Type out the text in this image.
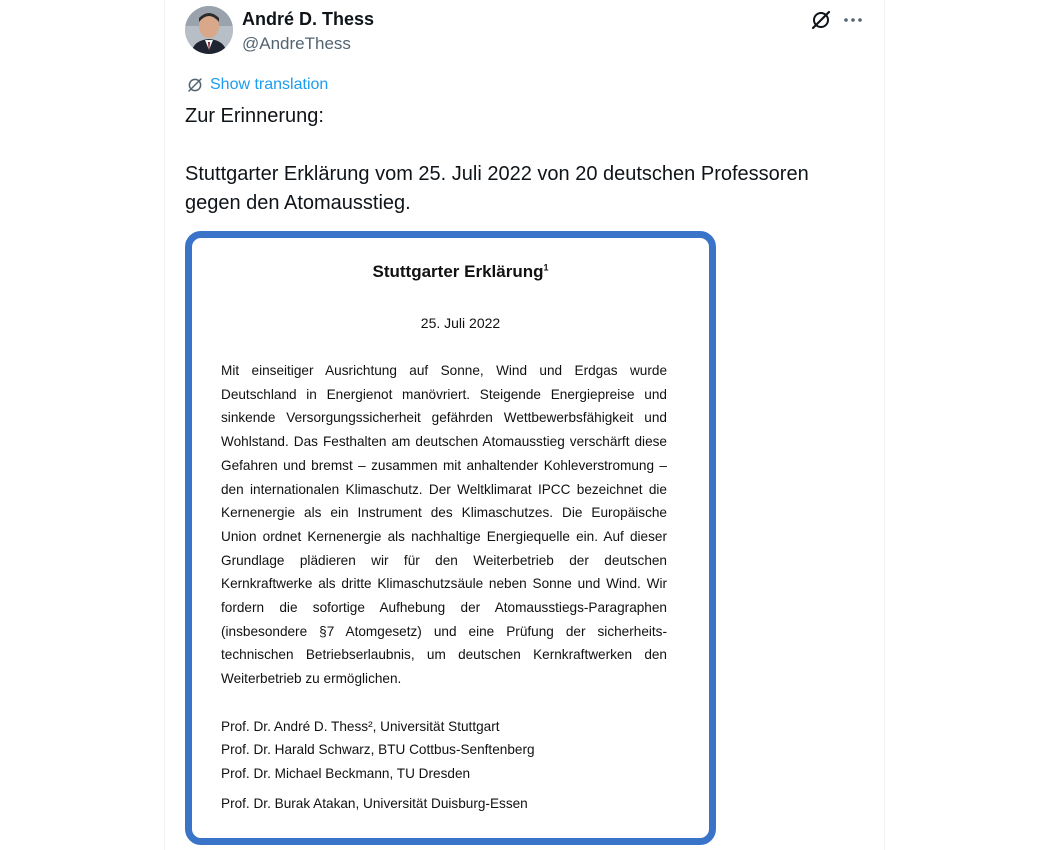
André D. Thess
@AndreThess
Show translation

Zur Erinnerung:

Stuttgarter Erklärung vom 25. Juli 2022 von 20 deutschen Professoren gegen den Atomausstieg.

Stuttgarter Erklärung$^1$
25. Juli 2022

Mit einseitiger Ausrichtung auf Sonne, Wind und Erdgas wurde Deutschland in Energienot manövriert. Steigende Energiepreise und sinkende Versorgungssicherheit gefährden Wettbewerbsfähigkeit und Wohlstand. Das Festhalten am deutschen Atomausstieg verschärft diese Gefahren und bremst – zusammen mit anhaltender Kohleverstromung – den internationalen Klimaschutz. Der Weltklimarat IPCC bezeichnet die Kernenergie als ein Instrument des Klimaschutzes. Die Europäische Union ordnet Kernenergie als nachhaltige Energiequelle ein. Auf dieser Grundlage plädieren wir für den Weiterbetrieb der deutschen Kernkraftwerke als dritte Klimaschutzsäule neben Sonne und Wind. Wir fordern die sofortige Aufhebung der Atomausstiegs-Paragraphen (insbesondere §7 Atomgesetz) und eine Prüfung der sicherheits-technischen Betriebserlaubnis, um deutschen Kernkraftwerken den Weiterbetrieb zu ermöglichen.

Prof. Dr. André D. Thess², Universität Stuttgart
Prof. Dr. Harald Schwarz, BTU Cottbus-Senftenberg
Prof. Dr. Michael Beckmann, TU Dresden
Prof. Dr. Burak Atakan, Universität Duisburg-Essen
